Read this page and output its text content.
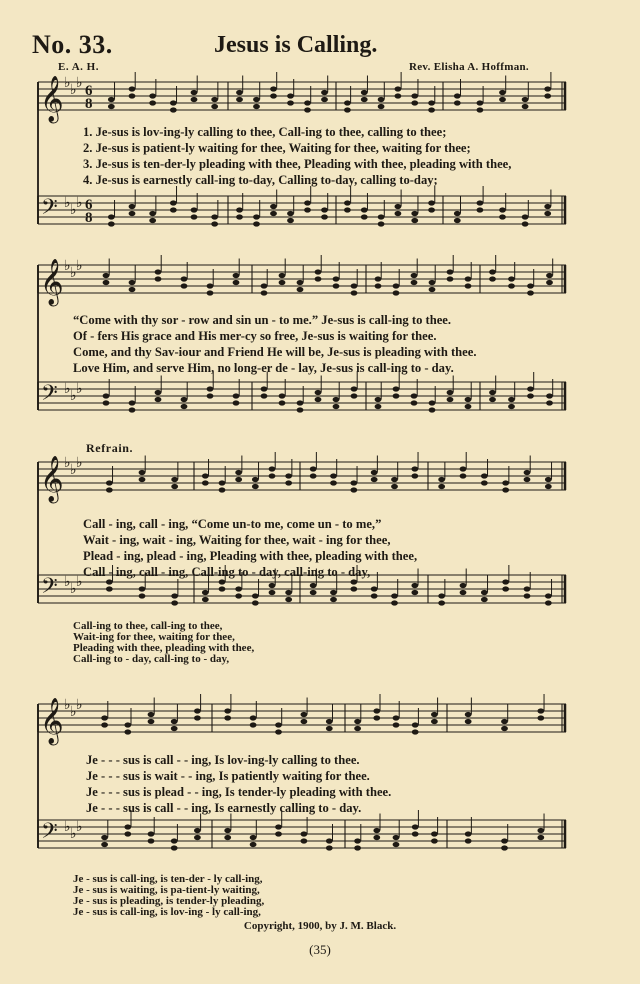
𝄞
𝄢
♭ ♭ ♭
♭ ♭ ♭
6
6
8
8
𝄞
𝄢
♭ ♭ ♭
♭ ♭ ♭
𝄞
𝄢
♭ ♭ ♭
♭ ♭ ♭
𝄞
𝄢
♭ ♭ ♭
♭ ♭ ♭
No. 33.	Jesus is Calling.
E. A. H.	Rev. Elisha A. Hoffman.
1. Je-sus is lov-ing-ly calling to thee, Call-ing to thee, calling to thee;
2. Je-sus is patient-ly waiting for thee, Waiting for thee, waiting for thee;
3. Je-sus is ten-der-ly pleading with thee, Pleading with thee, pleading with thee,
4. Je-sus is earnestly call-ing to-day, Calling to-day, calling to-day;
“Come with thy sor - row and sin un - to me.” Je-sus is call-ing to thee.
Of - fers His grace and His mer-cy so free, Je-sus is waiting for thee.
Come, and thy Sav-iour and Friend He will be, Je-sus is pleading with thee.
Love Him, and serve Him, no long-er de - lay, Je-sus is call-ing to - day.
Refrain.
Call - ing, call - ing, “Come un-to me, come un - to me,”
Wait - ing, wait - ing, Waiting for thee, wait - ing for thee,
Plead - ing, plead - ing, Pleading with thee, pleading with thee,
Call - ing, call - ing, Call-ing to - day, call-ing to - day,
Call-ing to thee, call-ing to thee,
Wait-ing for thee, waiting for thee,
Pleading with thee, pleading with thee,
Call-ing to - day, call-ing to - day,
Je - - - sus is call - - ing, Is lov-ing-ly calling to thee.
Je - - - sus is wait - - ing, Is patiently waiting for thee.
Je - - - sus is plead - - ing, Is tender-ly pleading with thee.
Je - - - sus is call - - ing, Is earnestly calling to - day.
Je - sus is call-ing, is ten-der - ly call-ing,
Je - sus is waiting, is pa-tient-ly waiting,
Je - sus is pleading, is tender-ly pleading,
Je - sus is call-ing, is lov-ing - ly call-ing,
Copyright, 1900, by J. M. Black.
(35)
